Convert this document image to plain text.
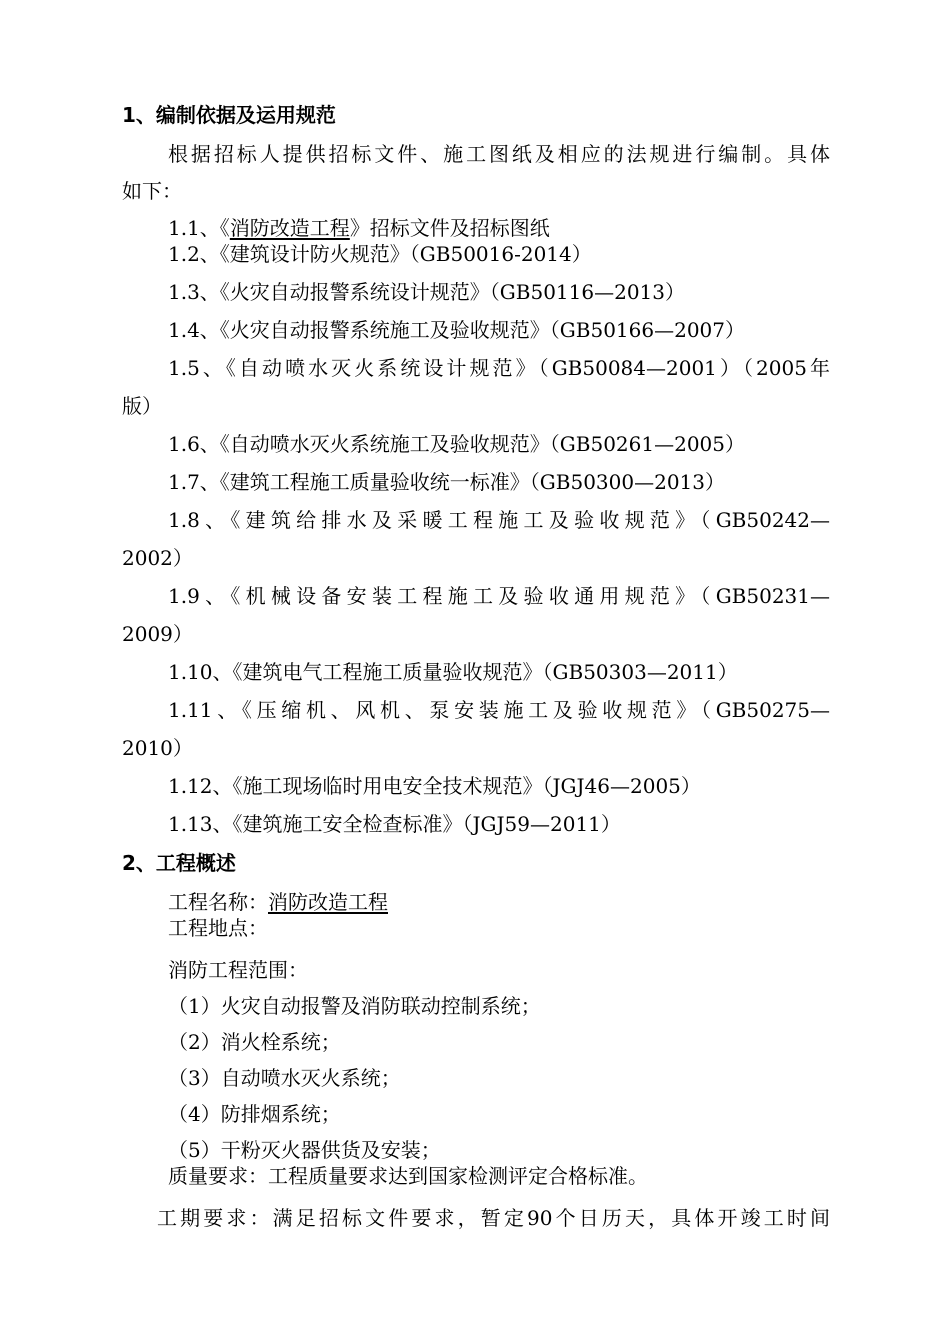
1、编制依据及运用规范
根据招标人提供招标文件、施工图纸及相应的法规进行编制。具体
如下：
1.1、《消防改造工程》招标文件及招标图纸
1.2、《建筑设计防火规范》（GB50016-2014）
1.3、《火灾自动报警系统设计规范》（GB50116—2013）
1.4、《火灾自动报警系统施工及验收规范》（GB50166—2007）
1.5、《自动喷水灭火系统设计规范》（GB50084—2001）（2005年
版）
1.6、《自动喷水灭火系统施工及验收规范》（GB50261—2005）
1.7、《建筑工程施工质量验收统一标准》（GB50300—2013）
1.8、《建筑给排水及采暖工程施工及验收规范》（GB50242—
2002）
1.9、《机械设备安装工程施工及验收通用规范》（GB50231—
2009）
1.10、《建筑电气工程施工质量验收规范》（GB50303—2011）
1.11、《压缩机、风机、泵安装施工及验收规范》（GB50275—
2010）
1.12、《施工现场临时用电安全技术规范》（JGJ46—2005）
1.13、《建筑施工安全检查标准》（JGJ59—2011）
2、工程概述
工程名称：消防改造工程
工程地点：
消防工程范围：
（1）火灾自动报警及消防联动控制系统；
（2）消火栓系统；
（3）自动喷水灭火系统；
（4）防排烟系统；
（5）干粉灭火器供货及安装；
质量要求：工程质量要求达到国家检测评定合格标准。
工期要求：满足招标文件要求，暂定90个日历天，具体开竣工时间
